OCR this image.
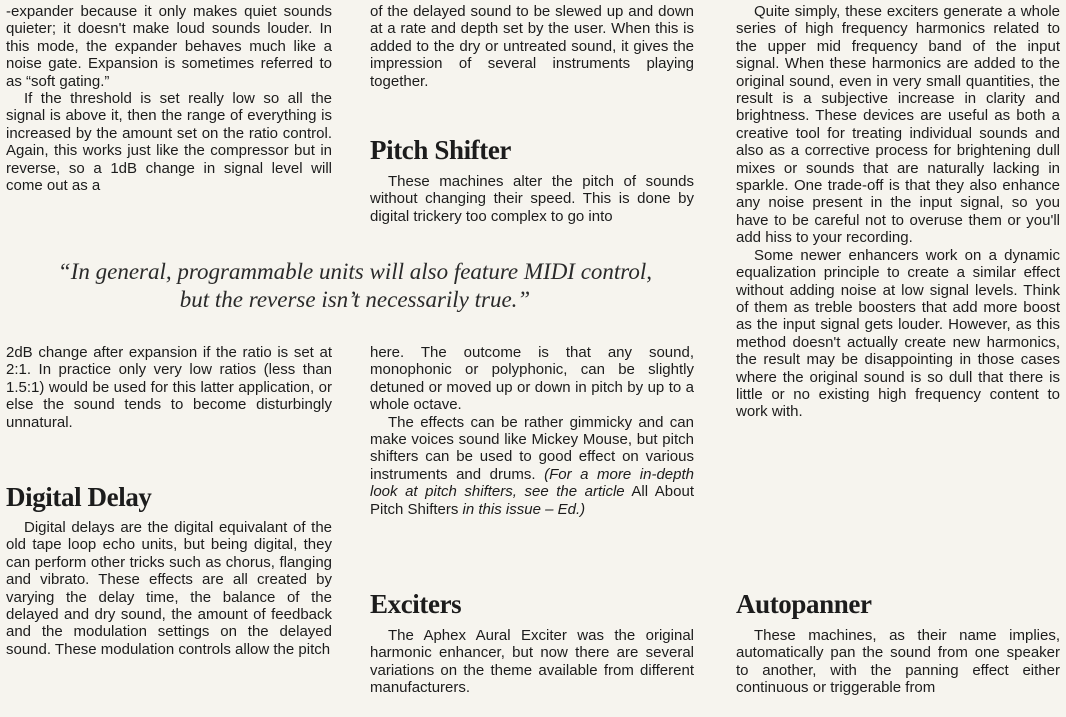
-expander because it only makes quiet sounds quieter; it doesn't make loud sounds louder. In this mode, the expander behaves much like a noise gate. Expansion is sometimes referred to as “soft gating.”

If the threshold is set really low so all the signal is above it, then the range of everything is increased by the amount set on the ratio control. Again, this works just like the compressor but in reverse, so a 1dB change in signal level will come out as a

of the delayed sound to be slewed up and down at a rate and depth set by the user. When this is added to the dry or untreated sound, it gives the impression of several instruments playing together.

Pitch Shifter

These machines alter the pitch of sounds without changing their speed. This is done by digital trickery too complex to go into

“In general, programmable units will also feature MIDI control,
but the reverse isn’t necessarily true.”

2dB change after expansion if the ratio is set at 2:1. In practice only very low ratios (less than 1.5:1) would be used for this latter application, or else the sound tends to become disturbingly unnatural.

Digital Delay

Digital delays are the digital equivalant of the old tape loop echo units, but being digital, they can perform other tricks such as chorus, flanging and vibrato. These effects are all created by varying the delay time, the balance of the delayed and dry sound, the amount of feedback and the modulation settings on the delayed sound. These modulation controls allow the pitch

here. The outcome is that any sound, monophonic or polyphonic, can be slightly detuned or moved up or down in pitch by up to a whole octave.

The effects can be rather gimmicky and can make voices sound like Mickey Mouse, but pitch shifters can be used to good effect on various instruments and drums. (For a more in-depth look at pitch shifters, see the article All About Pitch Shifters in this issue – Ed.)

Exciters

The Aphex Aural Exciter was the original harmonic enhancer, but now there are several variations on the theme available from different manufacturers.

Quite simply, these exciters generate a whole series of high frequency harmonics related to the upper mid frequency band of the input signal. When these harmonics are added to the original sound, even in very small quantities, the result is a subjective increase in clarity and brightness. These devices are useful as both a creative tool for treating individual sounds and also as a corrective process for brightening dull mixes or sounds that are naturally lacking in sparkle. One trade-off is that they also enhance any noise present in the input signal, so you have to be careful not to overuse them or you'll add hiss to your recording.

Some newer enhancers work on a dynamic equalization principle to create a similar effect without adding noise at low signal levels. Think of them as treble boosters that add more boost as the input signal gets louder. However, as this method doesn't actually create new harmonics, the result may be disappointing in those cases where the original sound is so dull that there is little or no existing high frequency content to work with.

Autopanner

These machines, as their name implies, automatically pan the sound from one speaker to another, with the panning effect either continuous or triggerable from
